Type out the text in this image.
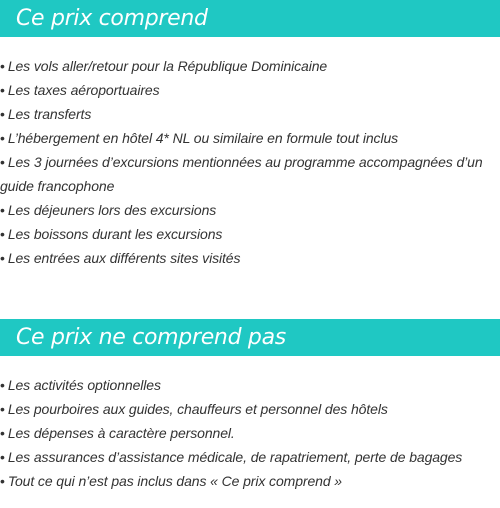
Ce prix comprend
• Les vols aller/retour pour la République Dominicaine
• Les taxes aéroportuaires
• Les transferts
• L’hébergement en hôtel 4* NL ou similaire en formule tout inclus
• Les 3 journées d’excursions mentionnées au programme accompagnées d’un guide francophone
• Les déjeuners lors des excursions
• Les boissons durant les excursions
• Les entrées aux différents sites visités
Ce prix ne comprend pas
• Les activités optionnelles
• Les pourboires aux guides, chauffeurs et personnel des hôtels
• Les dépenses à caractère personnel.
• Les assurances d’assistance médicale, de rapatriement, perte de bagages
• Tout ce qui n’est pas inclus dans « Ce prix comprend »
